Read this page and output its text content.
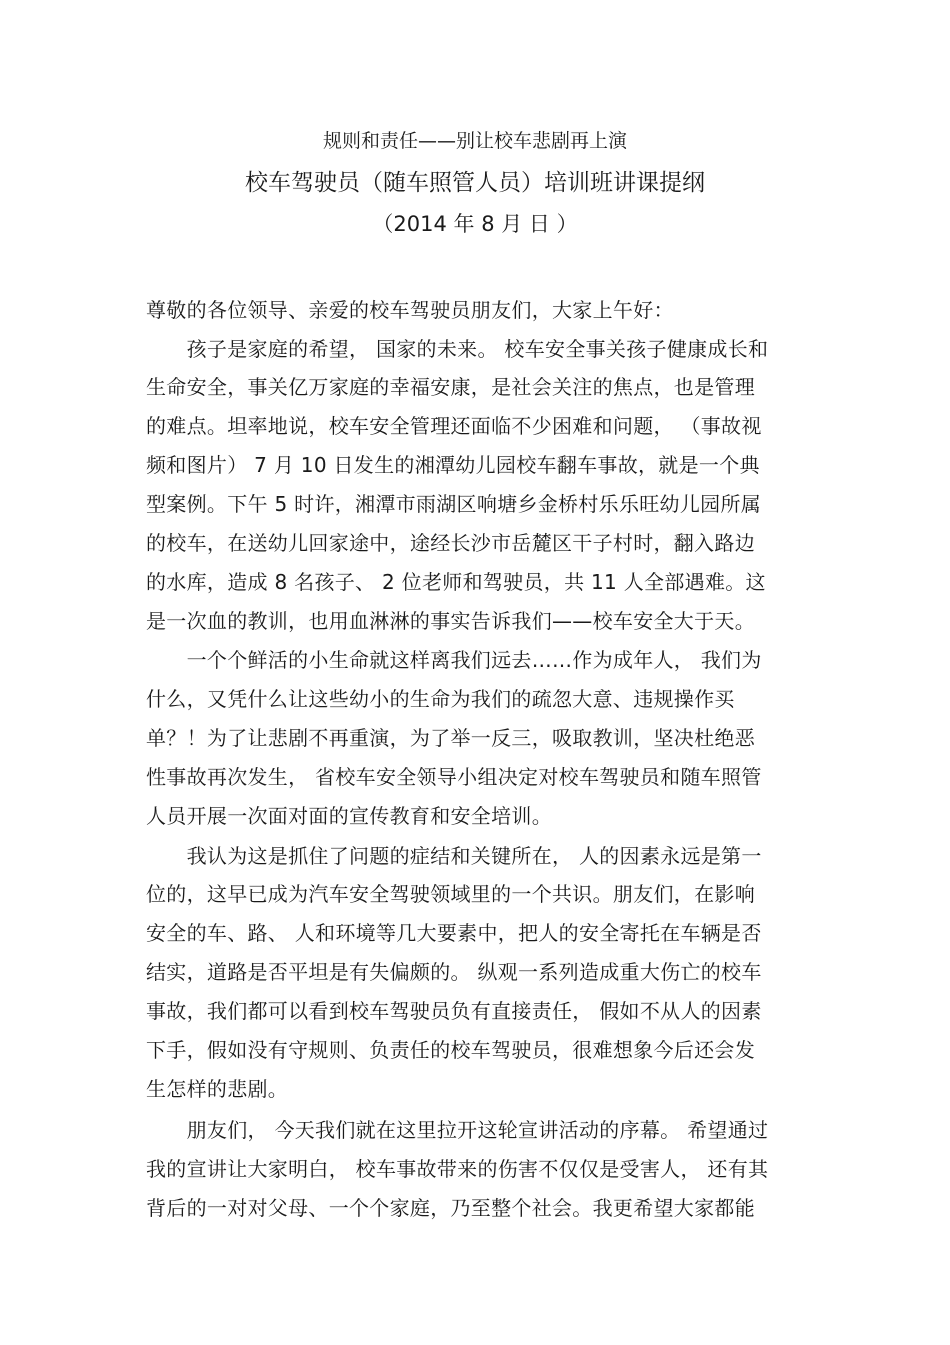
规则和责任——别让校车悲剧再上演
校车驾驶员（随车照管人员）培训班讲课提纲
（2014 年 8 月 日 ）
尊敬的各位领导、亲爱的校车驾驶员朋友们，大家上午好：
　　孩子是家庭的希望， 国家的未来。 校车安全事关孩子健康成长和
生命安全，事关亿万家庭的幸福安康，是社会关注的焦点，也是管理
的难点。坦率地说，校车安全管理还面临不少困难和问题， （事故视
频和图片） 7 月 10 日发生的湘潭幼儿园校车翻车事故，就是一个典
型案例。下午 5 时许，湘潭市雨湖区响塘乡金桥村乐乐旺幼儿园所属
的校车，在送幼儿回家途中，途经长沙市岳麓区干子村时，翻入路边
的水库，造成 8 名孩子、 2 位老师和驾驶员，共 11 人全部遇难。这
是一次血的教训，也用血淋淋的事实告诉我们——校车安全大于天。
　　一个个鲜活的小生命就这样离我们远去……作为成年人， 我们为
什么，又凭什么让这些幼小的生命为我们的疏忽大意、违规操作买
单？！为了让悲剧不再重演，为了举一反三，吸取教训，坚决杜绝恶
性事故再次发生， 省校车安全领导小组决定对校车驾驶员和随车照管
人员开展一次面对面的宣传教育和安全培训。
　　我认为这是抓住了问题的症结和关键所在， 人的因素永远是第一
位的，这早已成为汽车安全驾驶领域里的一个共识。朋友们，在影响
安全的车、路、 人和环境等几大要素中，把人的安全寄托在车辆是否
结实，道路是否平坦是有失偏颇的。 纵观一系列造成重大伤亡的校车
事故，我们都可以看到校车驾驶员负有直接责任， 假如不从人的因素
下手，假如没有守规则、负责任的校车驾驶员，很难想象今后还会发
生怎样的悲剧。
　　朋友们， 今天我们就在这里拉开这轮宣讲活动的序幕。 希望通过
我的宣讲让大家明白， 校车事故带来的伤害不仅仅是受害人， 还有其
背后的一对对父母、一个个家庭，乃至整个社会。我更希望大家都能
